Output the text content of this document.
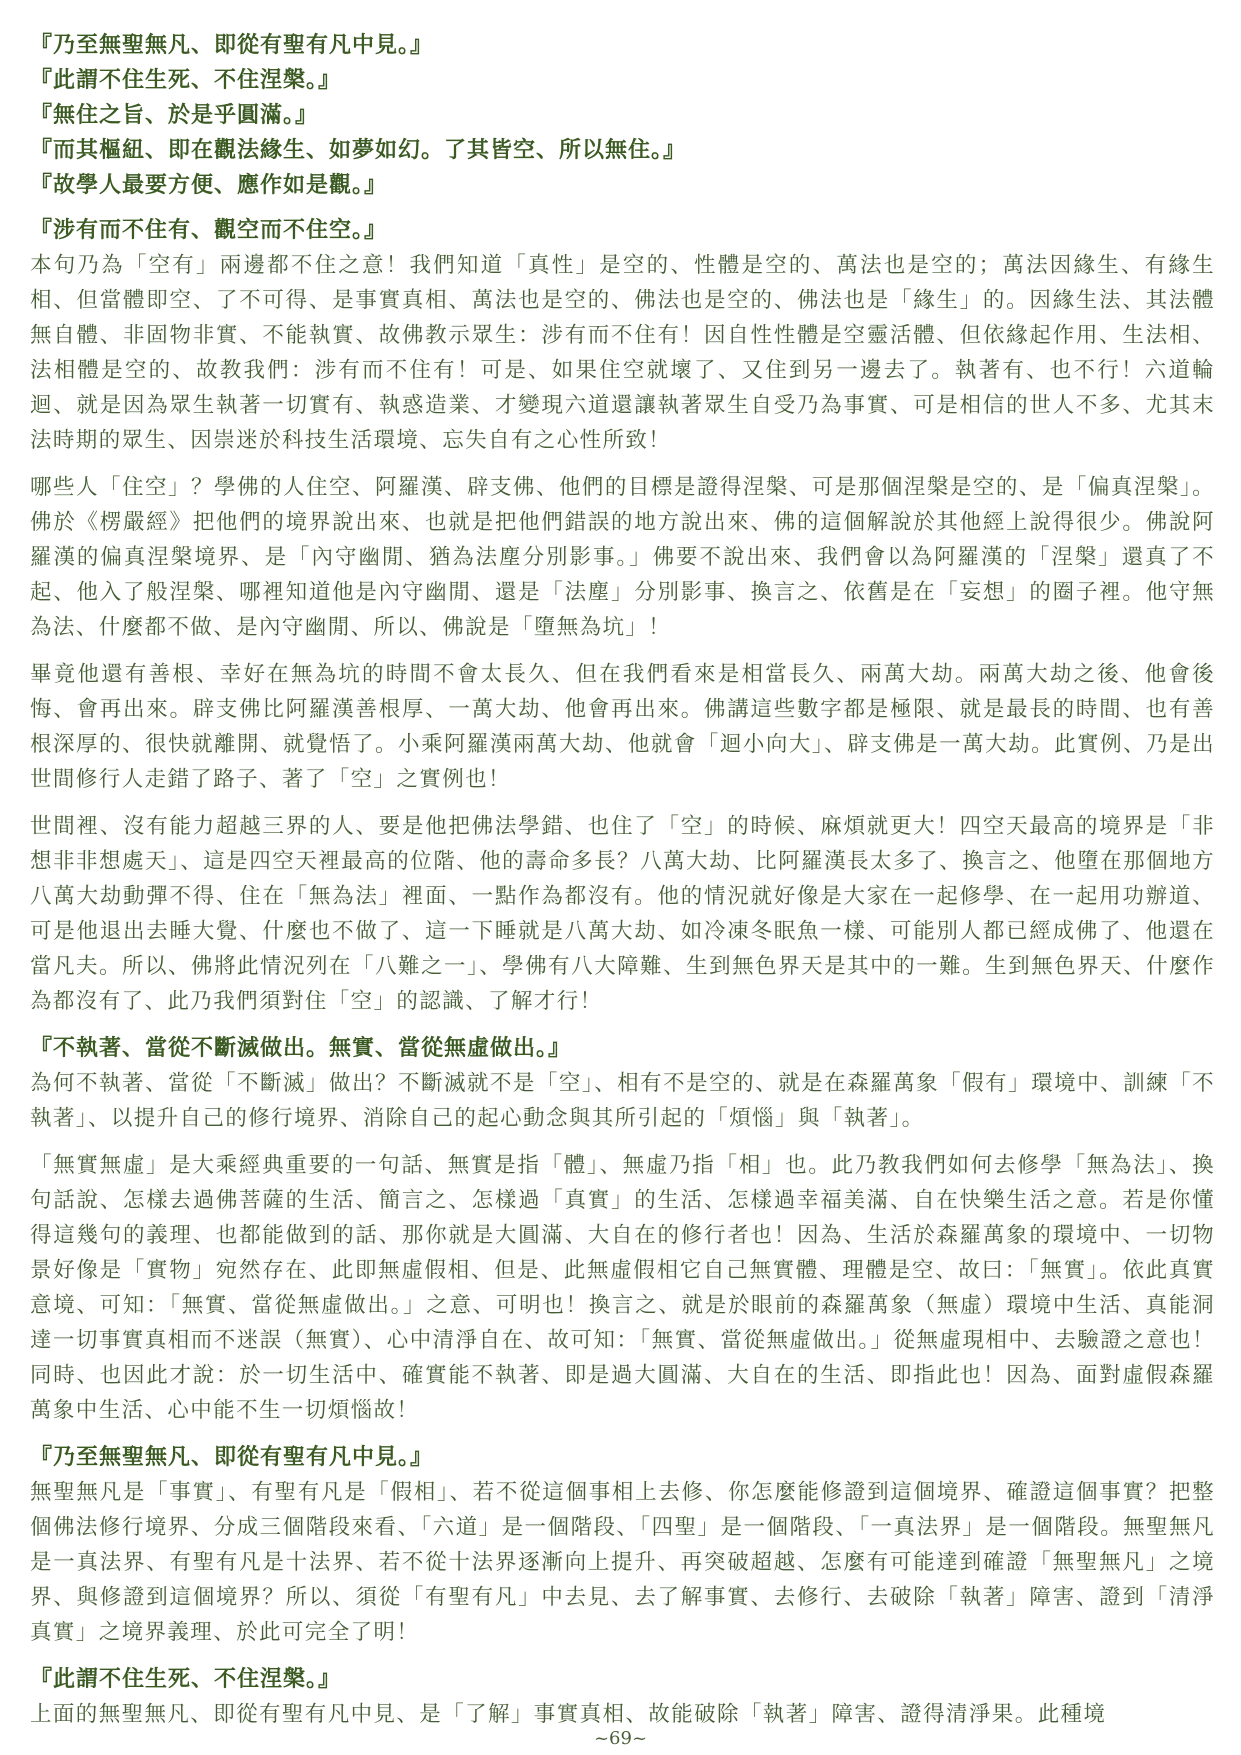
『乃至無聖無凡、即從有聖有凡中見。』
『此謂不住生死、不住涅槃。』
『無住之旨、於是乎圓滿。』
『而其樞紐、即在觀法緣生、如夢如幻。了其皆空、所以無住。』
『故學人最要方便、應作如是觀。』
『涉有而不住有、觀空而不住空。』

本句乃為「空有」兩邊都不住之意！我們知道「真性」是空的、性體是空的、萬法也是空的；萬法因緣生、有緣生相、但當體即空、了不可得、是事實真相、萬法也是空的、佛法也是空的、佛法也是「緣生」的。因緣生法、其法體無自體、非固物非實、不能執實、故佛教示眾生：涉有而不住有！因自性性體是空靈活體、但依緣起作用、生法相、法相體是空的、故教我們：涉有而不住有！可是、如果住空就壞了、又住到另一邊去了。執著有、也不行！六道輪迴、就是因為眾生執著一切實有、執惑造業、才變現六道還讓執著眾生自受乃為事實、可是相信的世人不多、尤其末法時期的眾生、因崇迷於科技生活環境、忘失自有之心性所致！

哪些人「住空」？學佛的人住空、阿羅漢、辟支佛、他們的目標是證得涅槃、可是那個涅槃是空的、是「偏真涅槃」。佛於《楞嚴經》把他們的境界說出來、也就是把他們錯誤的地方說出來、佛的這個解說於其他經上說得很少。佛說阿羅漢的偏真涅槃境界、是「內守幽閒、猶為法塵分別影事。」佛要不說出來、我們會以為阿羅漢的「涅槃」還真了不起、他入了般涅槃、哪裡知道他是內守幽閒、還是「法塵」分別影事、換言之、依舊是在「妄想」的圈子裡。他守無為法、什麼都不做、是內守幽閒、所以、佛說是「墮無為坑」！

畢竟他還有善根、幸好在無為坑的時間不會太長久、但在我們看來是相當長久、兩萬大劫。兩萬大劫之後、他會後悔、會再出來。辟支佛比阿羅漢善根厚、一萬大劫、他會再出來。佛講這些數字都是極限、就是最長的時間、也有善根深厚的、很快就離開、就覺悟了。小乘阿羅漢兩萬大劫、他就會「迴小向大」、辟支佛是一萬大劫。此實例、乃是出世間修行人走錯了路子、著了「空」之實例也！

世間裡、沒有能力超越三界的人、要是他把佛法學錯、也住了「空」的時候、麻煩就更大！四空天最高的境界是「非想非非想處天」、這是四空天裡最高的位階、他的壽命多長？八萬大劫、比阿羅漢長太多了、換言之、他墮在那個地方八萬大劫動彈不得、住在「無為法」裡面、一點作為都沒有。他的情況就好像是大家在一起修學、在一起用功辦道、可是他退出去睡大覺、什麼也不做了、這一下睡就是八萬大劫、如冷凍冬眠魚一樣、可能別人都已經成佛了、他還在當凡夫。所以、佛將此情況列在「八難之一」、學佛有八大障難、生到無色界天是其中的一難。生到無色界天、什麼作為都沒有了、此乃我們須對住「空」的認識、了解才行！

『不執著、當從不斷滅做出。無實、當從無虛做出。』

為何不執著、當從「不斷滅」做出？不斷滅就不是「空」、相有不是空的、就是在森羅萬象「假有」環境中、訓練「不執著」、以提升自己的修行境界、消除自己的起心動念與其所引起的「煩惱」與「執著」。

「無實無虛」是大乘經典重要的一句話、無實是指「體」、無虛乃指「相」也。此乃教我們如何去修學「無為法」、換句話說、怎樣去過佛菩薩的生活、簡言之、怎樣過「真實」的生活、怎樣過幸福美滿、自在快樂生活之意。若是你懂得這幾句的義理、也都能做到的話、那你就是大圓滿、大自在的修行者也！因為、生活於森羅萬象的環境中、一切物景好像是「實物」宛然存在、此即無虛假相、但是、此無虛假相它自己無實體、理體是空、故曰：「無實」。依此真實意境、可知：「無實、當從無虛做出。」之意、可明也！換言之、就是於眼前的森羅萬象（無虛）環境中生活、真能洞達一切事實真相而不迷誤（無實）、心中清淨自在、故可知：「無實、當從無虛做出。」從無虛現相中、去驗證之意也！同時、也因此才說：於一切生活中、確實能不執著、即是過大圓滿、大自在的生活、即指此也！因為、面對虛假森羅萬象中生活、心中能不生一切煩惱故！

『乃至無聖無凡、即從有聖有凡中見。』

無聖無凡是「事實」、有聖有凡是「假相」、若不從這個事相上去修、你怎麼能修證到這個境界、確證這個事實？把整個佛法修行境界、分成三個階段來看、「六道」是一個階段、「四聖」是一個階段、「一真法界」是一個階段。無聖無凡是一真法界、有聖有凡是十法界、若不從十法界逐漸向上提升、再突破超越、怎麼有可能達到確證「無聖無凡」之境界、與修證到這個境界？所以、須從「有聖有凡」中去見、去了解事實、去修行、去破除「執著」障害、證到「清淨真實」之境界義理、於此可完全了明！

『此謂不住生死、不住涅槃。』

上面的無聖無凡、即從有聖有凡中見、是「了解」事實真相、故能破除「執著」障害、證得清淨果。此種境

~69~
